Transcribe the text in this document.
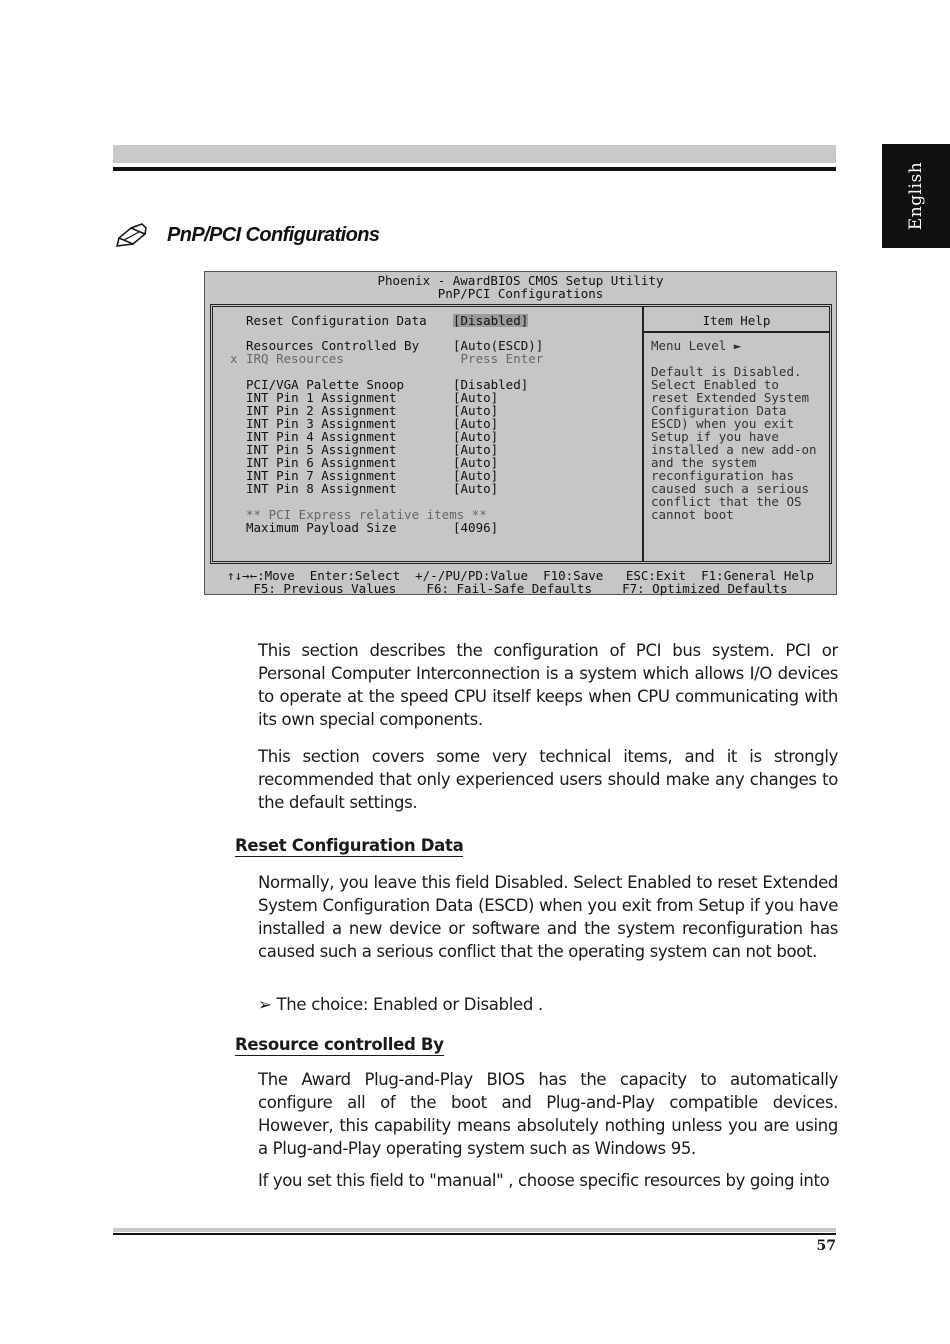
English
PnP/PCI Configurations
Phoenix - AwardBIOS CMOS Setup Utility
PnP/PCI Configurations
Item Help
Reset Configuration Data [Disabled]
Resources Controlled By	[Auto(ESCD)]
x IRQ Resources	Press Enter
PCI/VGA Palette Snoop	[Disabled]
INT Pin 1 Assignment	[Auto]
INT Pin 2 Assignment	[Auto]
INT Pin 3 Assignment	[Auto]
INT Pin 4 Assignment	[Auto]
INT Pin 5 Assignment	[Auto]
INT Pin 6 Assignment	[Auto]
INT Pin 7 Assignment	[Auto]
INT Pin 8 Assignment	[Auto]
** PCI Express relative items **
Maximum Payload Size	[4096]
Menu Level ►
Default is Disabled.
Select Enabled to
reset Extended System
Configuration Data
ESCD) when you exit
Setup if you have
installed a new add-on
and the system
reconfiguration has
caused such a serious
conflict that the OS
cannot boot
↑↓→←:Move  Enter:Select  +/-/PU/PD:Value  F10:Save   ESC:Exit  F1:General Help
F5: Previous Values    F6: Fail-Safe Defaults    F7: Optimized Defaults

This section describes the configuration of PCI bus system. PCI or Personal Computer Interconnection is a system which allows I/O devices to operate at the speed CPU itself keeps when CPU communicating with its own special components.

This section covers some very technical items, and it is strongly recommended that only experienced users should make any changes to the default settings.

Reset Configuration Data

Normally, you leave this field Disabled. Select Enabled to reset Extended System Configuration Data (ESCD) when you exit from Setup if you have installed a new device or software and the system reconfiguration has caused such a serious conflict that the operating system can not boot.

➢ The choice: Enabled or Disabled .
Resource controlled By

The Award Plug-and-Play BIOS has the capacity to automatically configure all of the boot and Plug-and-Play compatible devices. However, this capability means absolutely nothing unless you are using a Plug-and-Play operating system such as Windows 95.

If you set this field to "manual" , choose specific resources by going into

57
